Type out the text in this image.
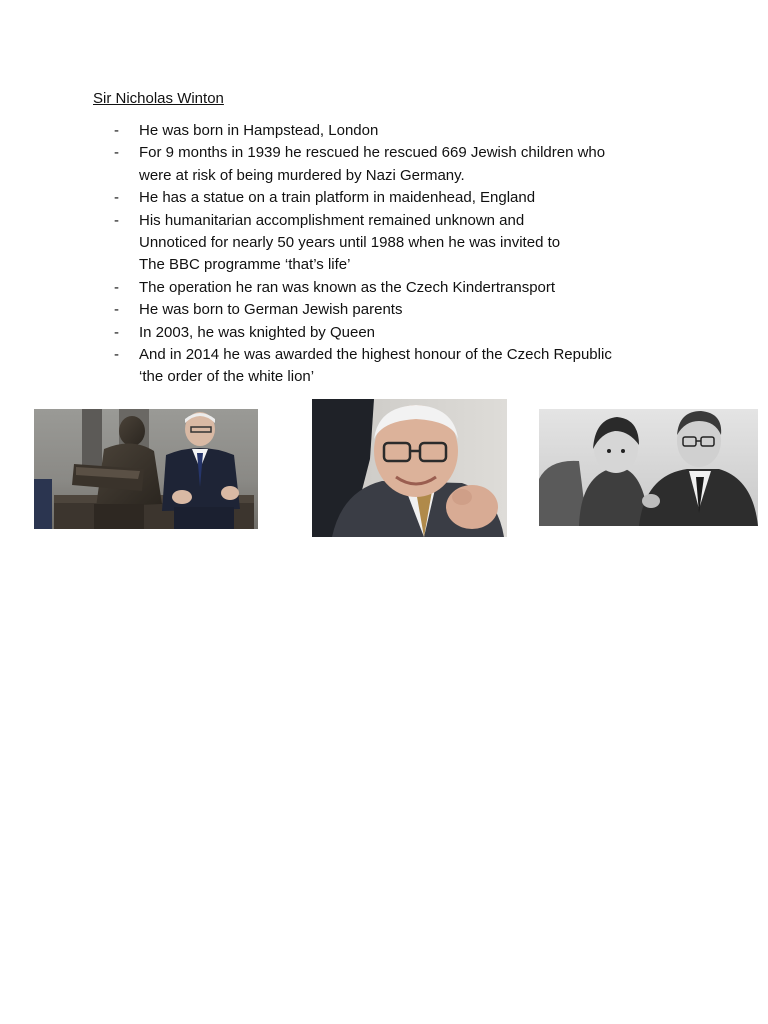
Sir Nicholas Winton
- He was born in Hampstead, London
- For 9 months in 1939 he rescued he rescued 669 Jewish children who
were at risk of being murdered by Nazi Germany.
- He has a statue on a train platform in maidenhead, England
- His humanitarian accomplishment remained unknown and
Unnoticed for nearly 50 years until 1988 when he was invited to
The BBC programme ‘that’s life’
- The operation he ran was known as the Czech Kindertransport
- He was born to German Jewish parents
- In 2003, he was knighted by Queen
- And in 2014 he was awarded the highest honour of the Czech Republic
‘the order of the white lion’
